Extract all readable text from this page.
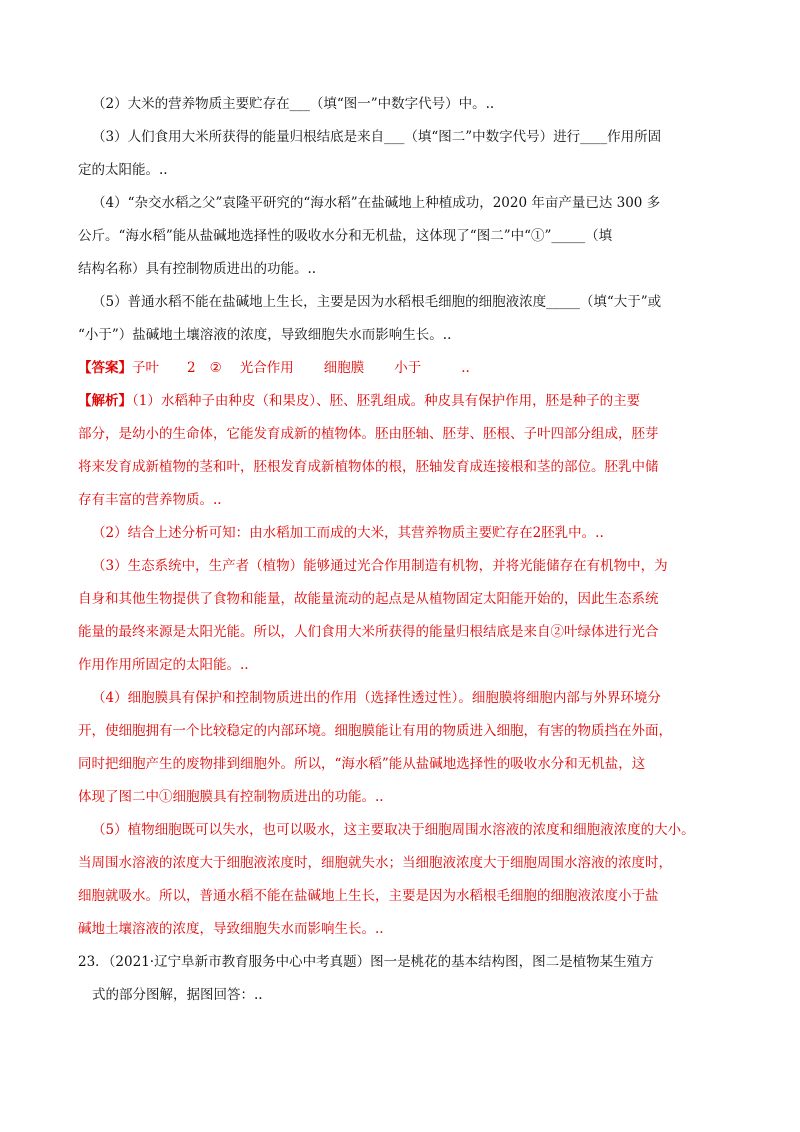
（2）大米的营养物质主要贮存在___（填“图一”中数字代号）中。..
（3）人们食用大米所获得的能量归根结底是来自___（填“图二”中数字代号）进行____作用所固
定的太阳能。..
（4）“杂交水稻之父”袁隆平研究的“海水稻”在盐碱地上种植成功，2020 年亩产量已达 300 多
公斤。“海水稻”能从盐碱地选择性的吸收水分和无机盐，这体现了“图二”中“①”_____（填
结构名称）具有控制物质进出的功能。..
（5）普通水稻不能在盐碱地上生长，主要是因为水稻根毛细胞的细胞液浓度_____（填“大于”或
“小于”）盐碱地土壤溶液的浓度，导致细胞失水而影响生长。..
【答案】子叶 2 ② 光合作用 细胞膜 小于	..
【解析】（1）水稻种子由种皮（和果皮）、胚、胚乳组成。种皮具有保护作用，胚是种子的主要
部分，是幼小的生命体，它能发育成新的植物体。胚由胚轴、胚芽、胚根、子叶四部分组成，胚芽
将来发育成新植物的茎和叶，胚根发育成新植物体的根，胚轴发育成连接根和茎的部位。胚乳中储
存有丰富的营养物质。..
（2）结合上述分析可知：由水稻加工而成的大米，其营养物质主要贮存在2胚乳中。..
（3）生态系统中，生产者（植物）能够通过光合作用制造有机物，并将光能储存在有机物中，为
自身和其他生物提供了食物和能量，故能量流动的起点是从植物固定太阳能开始的，因此生态系统
能量的最终来源是太阳光能。所以，人们食用大米所获得的能量归根结底是来自②叶绿体进行光合
作用作用所固定的太阳能。..
（4）细胞膜具有保护和控制物质进出的作用（选择性透过性）。细胞膜将细胞内部与外界环境分
开，使细胞拥有一个比较稳定的内部环境。细胞膜能让有用的物质进入细胞，有害的物质挡在外面，
同时把细胞产生的废物排到细胞外。所以，“海水稻”能从盐碱地选择性的吸收水分和无机盐，这
体现了图二中①细胞膜具有控制物质进出的功能。..
（5）植物细胞既可以失水，也可以吸水，这主要取决于细胞周围水溶液的浓度和细胞液浓度的大小。
当周围水溶液的浓度大于细胞液浓度时，细胞就失水；当细胞液浓度大于细胞周围水溶液的浓度时，
细胞就吸水。所以，普通水稻不能在盐碱地上生长，主要是因为水稻根毛细胞的细胞液浓度小于盐
碱地土壤溶液的浓度，导致细胞失水而影响生长。..
23．（2021·辽宁阜新市教育服务中心中考真题）图一是桃花的基本结构图，图二是植物某生殖方
式的部分图解，据图回答：..
